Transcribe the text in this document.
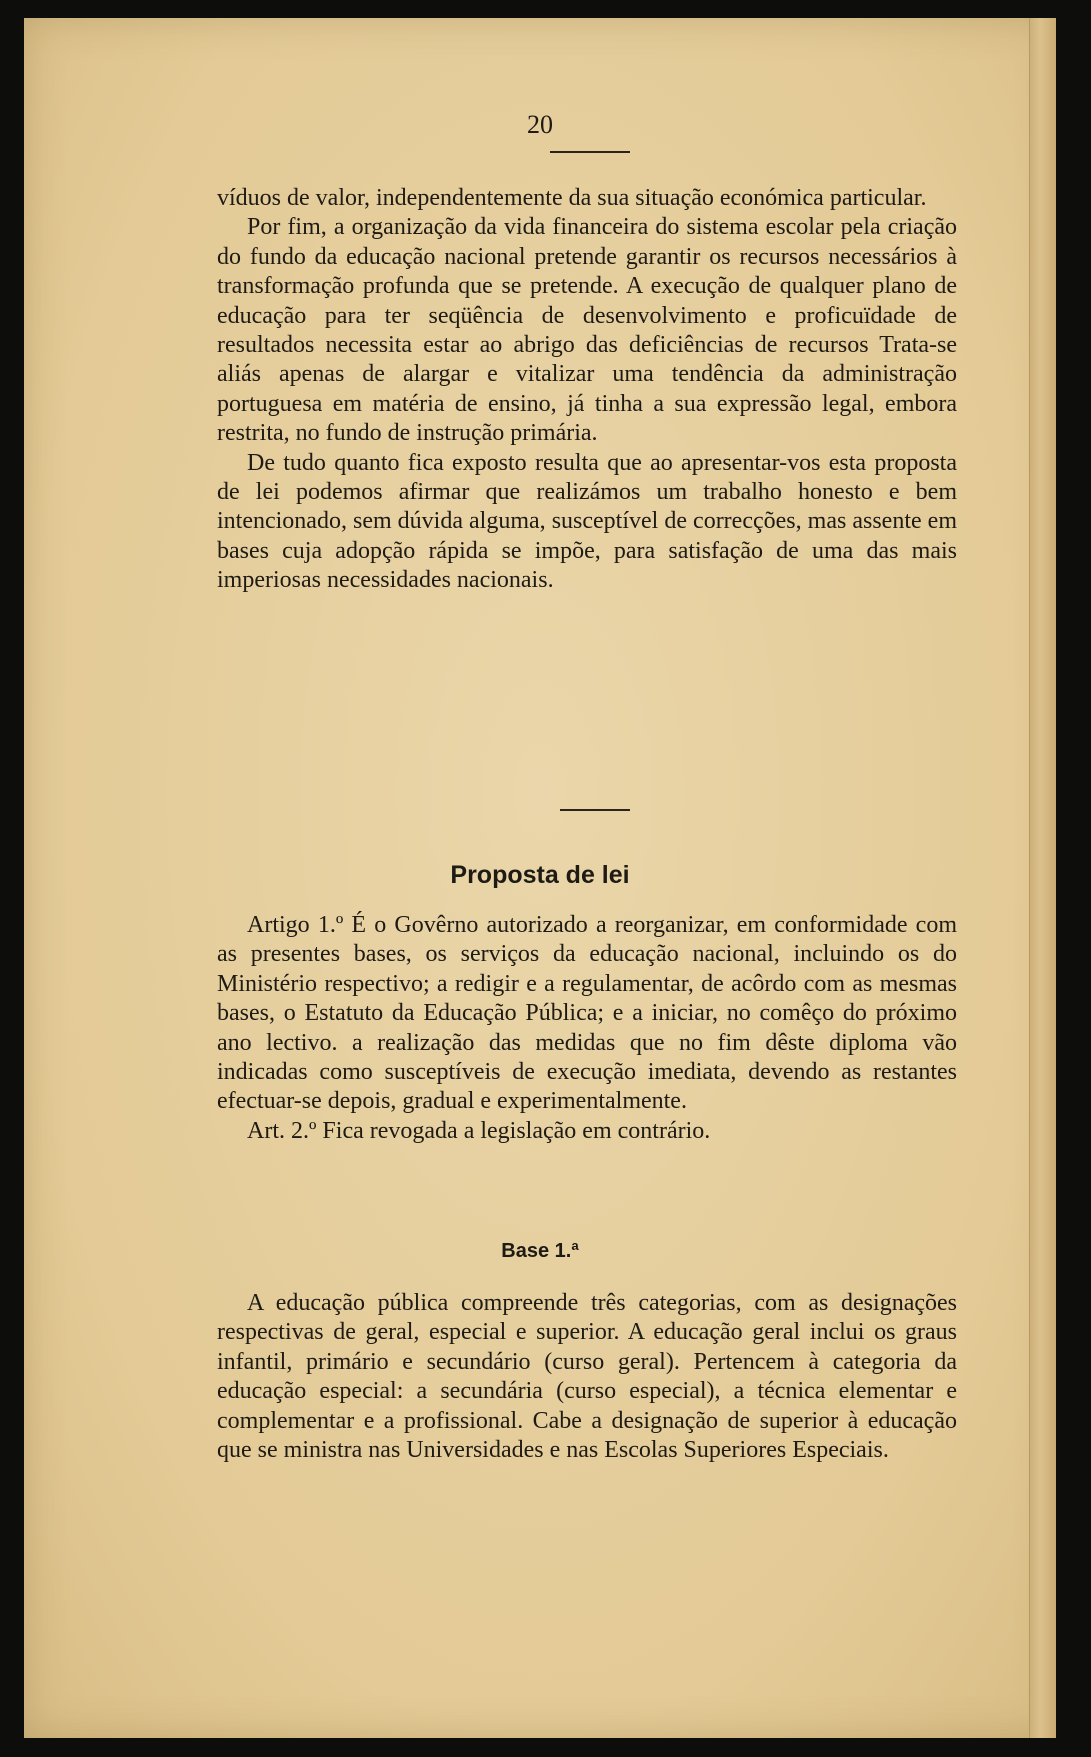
20

víduos de valor, independentemente da sua situação económica particular.

Por fim, a organização da vida financeira do sistema escolar pela criação do fundo da educação nacional pretende garantir os recursos necessários à transformação profunda que se pretende. A execução de qualquer plano de educação para ter seqüência de desenvolvimento e proficuïdade de resultados necessita estar ao abrigo das deficiências de recursos Trata-se aliás apenas de alargar e vitalizar uma tendência da administração portuguesa em matéria de ensino, já tinha a sua expressão legal, embora restrita, no fundo de instrução primária.

De tudo quanto fica exposto resulta que ao apresentar-vos esta proposta de lei podemos afirmar que realizámos um trabalho honesto e bem intencionado, sem dúvida alguma, susceptível de correcções, mas assente em bases cuja adopção rápida se impõe, para satisfação de uma das mais imperiosas necessidades nacionais.

Proposta de lei

Artigo 1.º É o Govêrno autorizado a reorganizar, em conformidade com as presentes bases, os serviços da educação nacional, incluindo os do Ministério respectivo; a redigir e a regulamentar, de acôrdo com as mesmas bases, o Estatuto da Educação Pública; e a iniciar, no comêço do próximo ano lectivo. a realização das medidas que no fim dêste diploma vão indicadas como susceptíveis de execução imediata, devendo as restantes efectuar-se depois, gradual e experimentalmente.

Art. 2.º Fica revogada a legislação em contrário.

Base 1.ª

A educação pública compreende três categorias, com as designações respectivas de geral, especial e superior. A educação geral inclui os graus infantil, primário e secundário (curso geral). Pertencem à categoria da educação especial: a secundária (curso especial), a técnica elementar e complementar e a profissional. Cabe a designação de superior à educação que se ministra nas Universidades e nas Escolas Superiores Especiais.
